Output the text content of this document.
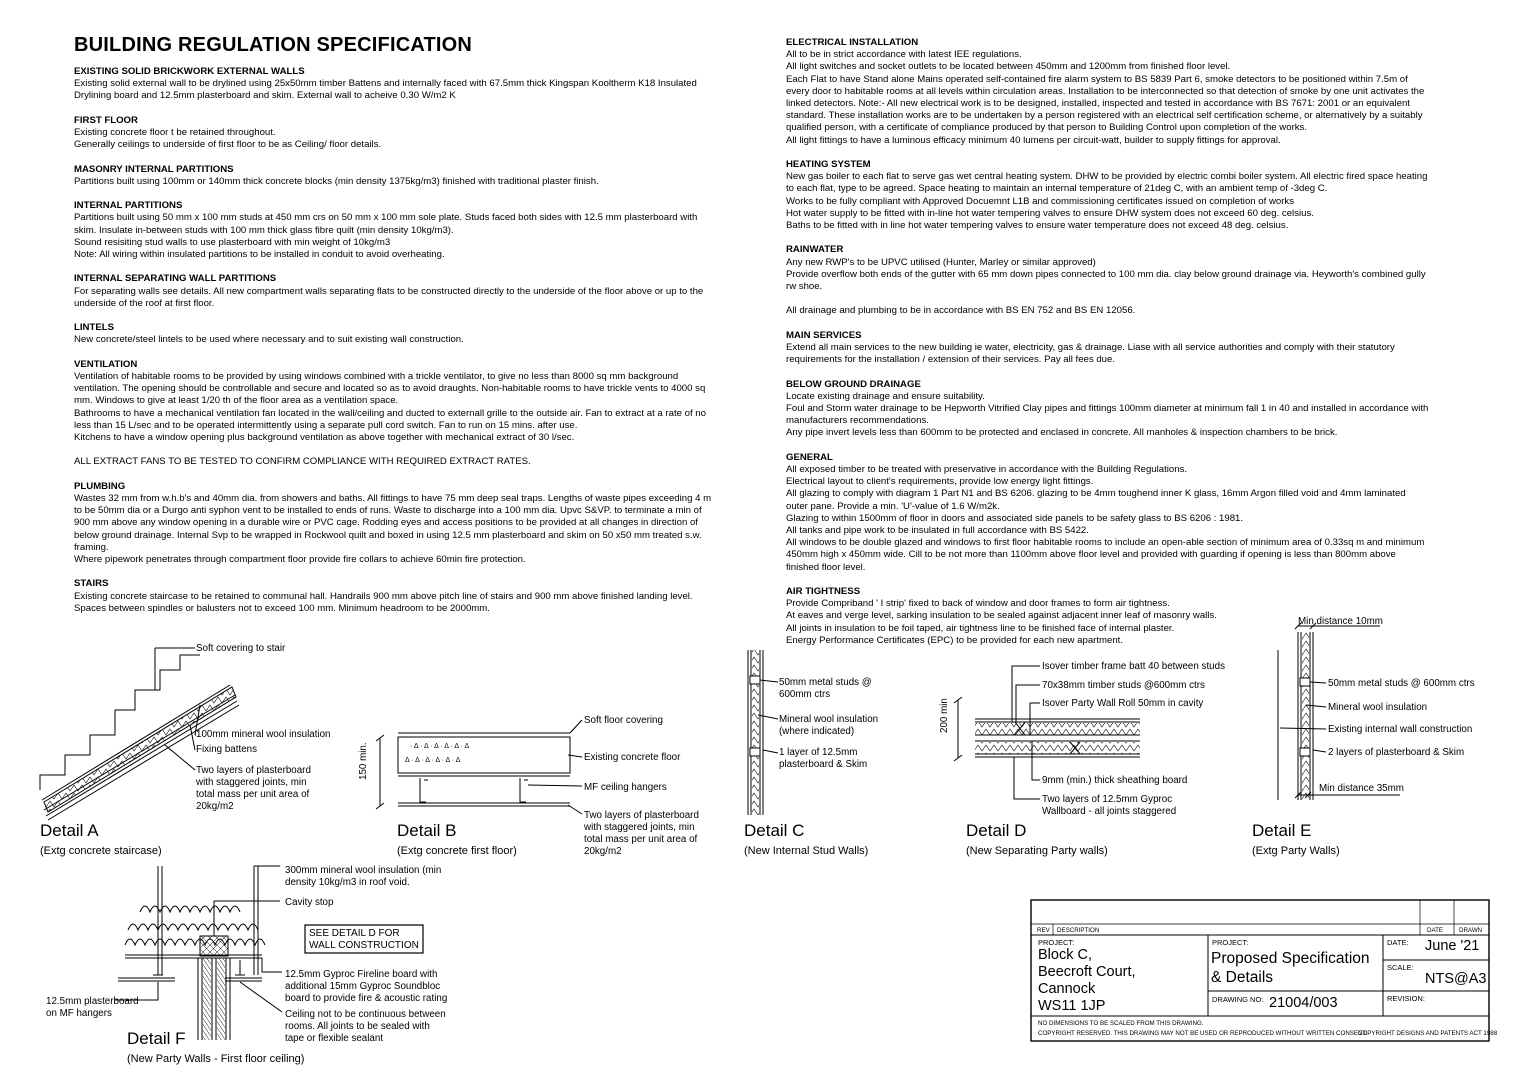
BUILDING REGULATION SPECIFICATION
EXISTING SOLID BRICKWORK EXTERNAL WALLS
Existing solid external wall to be drylined using 25x50mm timber Battens and internally faced with 67.5mm thick Kingspan Kooltherm K18 Insulated
Drylining board and 12.5mm plasterboard and skim. External wall to acheive 0.30 W/m2 K
FIRST FLOOR
Existing concrete floor t be retained throughout.
Generally ceilings to underside of first floor to be as Ceiling/ floor details.
MASONRY INTERNAL PARTITIONS
Partitions built using 100mm or 140mm thick concrete blocks (min density 1375kg/m3) finished with traditional plaster finish.
INTERNAL PARTITIONS
Partitions built using 50 mm x 100 mm studs at 450 mm crs on 50 mm x 100 mm sole plate. Studs faced both sides with 12.5 mm plasterboard with
skim. Insulate in-between studs with 100 mm thick glass fibre quilt (min density 10kg/m3).
Sound resisiting stud walls to use plasterboard with min weight of 10kg/m3
Note: All wiring within insulated partitions to be installed in conduit to avoid overheating.
INTERNAL SEPARATING WALL PARTITIONS
For separating walls see details. All new compartment walls separating flats to be constructed directly to the underside of the floor above or up to the
underside of the roof at first floor.
LINTELS
New concrete/steel lintels to be used where necessary and to suit existing wall construction.
VENTILATION
Ventilation of habitable rooms to be provided by using windows combined with a trickle ventilator, to give no less than 8000 sq mm background
ventilation. The opening should be controllable and secure and located so as to avoid draughts. Non-habitable rooms to have trickle vents to 4000 sq
mm. Windows to give at least 1/20 th of the floor area as a ventilation space.
Bathrooms to have a mechanical ventilation fan located in the wall/ceiling and ducted to externall grille to the outside air. Fan to extract at a rate of no
less than 15 L/sec and to be operated intermittently using a separate pull cord switch. Fan to run on 15 mins. after use.
Kitchens to have a window opening plus background ventilation as above together with mechanical extract of 30 l/sec.
ALL EXTRACT FANS TO BE TESTED TO CONFIRM COMPLIANCE WITH REQUIRED EXTRACT RATES.
PLUMBING
Wastes 32 mm from w.h.b's and 40mm dia. from showers and baths. All fittings to have 75 mm deep seal traps. Lengths of waste pipes exceeding 4 m
to be 50mm dia or a Durgo anti syphon vent to be installed to ends of runs. Waste to discharge into a 100 mm dia. Upvc S&VP. to terminate a min of
900 mm above any window opening in a durable wire or PVC cage. Rodding eyes and access positions to be provided at all changes in direction of
below ground drainage. Internal Svp to be wrapped in Rockwool quilt and boxed in using 12.5 mm plasterboard and skim on 50 x50 mm treated s.w.
framing.
Where pipework penetrates through compartment floor provide fire collars to achieve 60min fire protection.
STAIRS
Existing concrete staircase to be retained to communal hall. Handrails 900 mm above pitch line of stairs and 900 mm above finished landing level.
Spaces between spindles or balusters not to exceed 100 mm. Minimum headroom to be 2000mm.
ELECTRICAL INSTALLATION
All to be in strict accordance with latest IEE regulations.
All light switches and socket outlets to be located between 450mm and 1200mm from finished floor level.
Each Flat to have Stand alone Mains operated self-contained fire alarm system to BS 5839 Part 6, smoke detectors to be positioned within 7.5m of
every door to habitable rooms at all levels within circulation areas. Installation to be interconnected so that detection of smoke by one unit activates the
linked detectors. Note:- All new electrical work is to be designed, installed, inspected and tested in accordance with BS 7671: 2001 or an equivalent
standard. These installation works are to be undertaken by a person registered with an electrical self certification scheme, or alternatively by a suitably
qualified person, with a certificate of compliance produced by that person to Building Control upon completion of the works.
All light fittings to have a luminous efficacy minimum 40 lumens per circuit-watt, builder to supply fittings for approval.
HEATING SYSTEM
New gas boiler to each flat to serve gas wet central heating system. DHW to be provided by electric combi boiler system. All electric fired space heating
to each flat, type to be agreed. Space heating to maintain an internal temperature of 21deg C, with an ambient temp of -3deg C.
Works to be fully compliant with Approved Docuemnt L1B and commissioning certificates issued on completion of works
Hot water supply to be fitted with in-line hot water tempering valves to ensure DHW system does not exceed 60 deg. celsius.
Baths to be fitted with in line hot water tempering valves to ensure water temperature does not exceed 48 deg. celsius.
RAINWATER
Any new RWP's to be UPVC utilised (Hunter, Marley or similar approved)
Provide overflow both ends of the gutter with 65 mm down pipes connected to 100 mm dia. clay below ground drainage via. Heyworth's combined gully
rw shoe.

All drainage and plumbing to be in accordance with BS EN 752 and BS EN 12056.
MAIN SERVICES
Extend all main services to the new building ie water, electricity, gas & drainage. Liase with all service authorities and comply with their statutory
requirements for the installation / extension of their services. Pay all fees due.
BELOW GROUND DRAINAGE
Locate existing drainage and ensure suitability.
Foul and Storm water drainage to be Hepworth Vitrified Clay pipes and fittings 100mm diameter at minimum fall 1 in 40 and installed in accordance with
manufacturers recommendations.
Any pipe invert levels less than 600mm to be protected and enclased in concrete. All manholes & inspection chambers to be brick.
GENERAL
All exposed timber to be treated with preservative in accordance with the Building Regulations.
Electrical layout to client's requirements, provide low energy light fittings.
All glazing to comply with diagram 1 Part N1 and BS 6206. glazing to be 4mm toughend inner K glass, 16mm Argon filled void and 4mm laminated
outer pane. Provide a min. 'U'-value of 1.6 W/m2k.
Glazing to within 1500mm of floor in doors and associated side panels to be safety glass to BS 6206 : 1981.
All tanks and pipe work to be insulated in full accordance with BS 5422.
All windows to be double glazed and windows to first floor habitable rooms to include an open-able section of minimum area of 0.33sq m and minimum
450mm high x 450mm wide. Cill to be not more than 1100mm above floor level and provided with guarding if opening is less than 800mm above
finished floor level.
AIR TIGHTNESS
Provide Compriband ' I strip' fixed to back of window and door frames to form air tightness.
At eaves and verge level, sarking insulation to be sealed against adjacent inner leaf of masonry walls.
All joints in insulation to be foil taped, air tightness line to be finished face of internal plaster.
Energy Performance Certificates (EPC) to be provided for each new apartment.
Soft covering to stair
100mm mineral wool insulation
Fixing battens
Two layers of plasterboard
with staggered joints, min
total mass per unit area of
20kg/m2
Detail A
(Extg concrete staircase)
· Δ · Δ · Δ · Δ · Δ · Δ
Δ · Δ · Δ · Δ · Δ · Δ
150 min.
Soft floor covering
Existing concrete floor
MF ceiling hangers
Two layers of plasterboard
with staggered joints, min
total mass per unit area of
20kg/m2
Detail B
(Extg concrete first floor)
50mm metal studs @
600mm ctrs
Mineral wool insulation
(where indicated)
1 layer of 12.5mm
plasterboard & Skim
Detail C
(New Internal Stud Walls)
200 min
Isover timber frame batt 40 between studs
70x38mm timber studs @600mm ctrs
Isover Party Wall Roll 50mm in cavity
9mm (min.) thick sheathing board
Two layers of 12.5mm Gyproc
Wallboard - all joints staggered
Detail D
(New Separating Party walls)
Min distance 10mm
50mm metal studs @ 600mm ctrs
Mineral wool insulation
Existing internal wall construction
2 layers of plasterboard & Skim
Min distance 35mm
Detail E
(Extg Party Walls)
300mm mineral wool insulation (min
density 10kg/m3 in roof void.
Cavity stop
SEE DETAIL D FOR
WALL CONSTRUCTION
12.5mm Gyproc Fireline board with
additional 15mm Gyproc Soundbloc
board to provide fire & acoustic rating
Ceiling not to be continuous between
rooms. All joints to be sealed with
tape or flexible sealant
12.5mm plasterboard
on MF hangers
Detail F
(New Party Walls - First floor ceiling)
REV DESCRIPTION	DATE	DRAWN
PROJECT:
Block C,
Beecroft Court,
Cannock
WS11 1JP
PROJECT:
Proposed Specification
& Details
DRAWING NO: 21004/003
DATE: June '21
SCALE:
NTS@A3
REVISION:
NO DIMENSIONS TO BE SCALED FROM THIS DRAWING.
COPYRIGHT RESERVED. THIS DRAWING MAY NOT BE USED OR REPRODUCED WITHOUT WRITTEN CONSENT.
COPYRIGHT DESIGNS AND PATENTS ACT 1988
